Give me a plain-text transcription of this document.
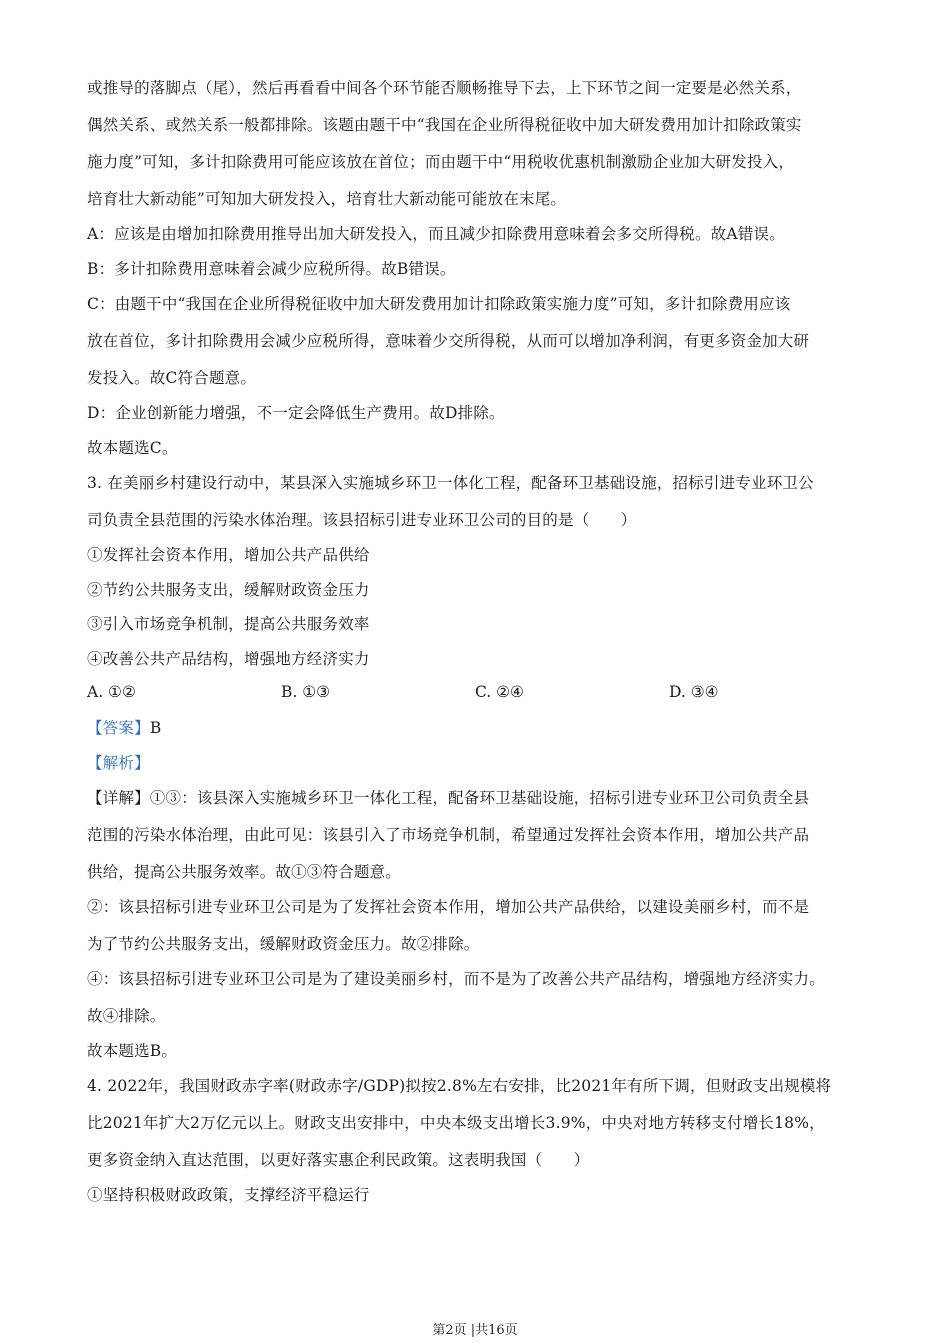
或推导的落脚点（尾），然后再看看中间各个环节能否顺畅推导下去，上下环节之间一定要是必然关系，
偶然关系、或然关系一般都排除。该题由题干中“我国在企业所得税征收中加大研发费用加计扣除政策实
施力度”可知，多计扣除费用可能应该放在首位；而由题干中“用税收优惠机制激励企业加大研发投入，
培育壮大新动能”可知加大研发投入，培育壮大新动能可能放在末尾。
A：应该是由增加扣除费用推导出加大研发投入，而且减少扣除费用意味着会多交所得税。故A错误。
B：多计扣除费用意味着会减少应税所得。故B错误。
C：由题干中“我国在企业所得税征收中加大研发费用加计扣除政策实施力度”可知，多计扣除费用应该
放在首位，多计扣除费用会减少应税所得，意味着少交所得税，从而可以增加净利润，有更多资金加大研
发投入。故C符合题意。
D：企业创新能力增强，不一定会降低生产费用。故D排除。
故本题选C。
3. 在美丽乡村建设行动中，某县深入实施城乡环卫一体化工程，配备环卫基础设施，招标引进专业环卫公
司负责全县范围的污染水体治理。该县招标引进专业环卫公司的目的是（　　）
①发挥社会资本作用，增加公共产品供给
②节约公共服务支出，缓解财政资金压力
③引入市场竞争机制，提高公共服务效率
④改善公共产品结构，增强地方经济实力
A. ①②	B. ①③	C. ②④	D. ③④
【答案】B
【解析】
【详解】①③：该县深入实施城乡环卫一体化工程，配备环卫基础设施，招标引进专业环卫公司负责全县
范围的污染水体治理，由此可见：该县引入了市场竞争机制，希望通过发挥社会资本作用，增加公共产品
供给，提高公共服务效率。故①③符合题意。
②：该县招标引进专业环卫公司是为了发挥社会资本作用，增加公共产品供给，以建设美丽乡村，而不是
为了节约公共服务支出，缓解财政资金压力。故②排除。
④：该县招标引进专业环卫公司是为了建设美丽乡村，而不是为了改善公共产品结构，增强地方经济实力。
故④排除。
故本题选B。
4. 2022年，我国财政赤字率(财政赤字/GDP)拟按2.8%左右安排，比2021年有所下调，但财政支出规模将
比2021年扩大2万亿元以上。财政支出安排中，中央本级支出增长3.9%，中央对地方转移支付增长18%，
更多资金纳入直达范围，以更好落实惠企利民政策。这表明我国（　　）
①坚持积极财政政策，支撑经济平稳运行
第2页 |共16页
